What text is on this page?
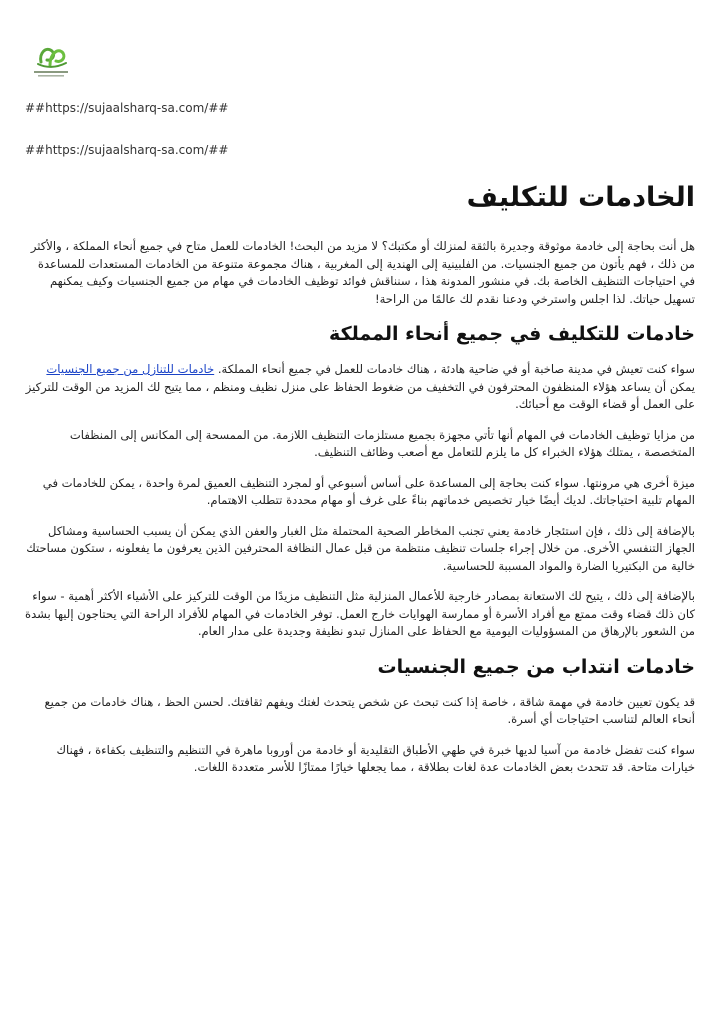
##https://sujaalsharq-sa.com/##
##https://sujaalsharq-sa.com/##
الخادمات للتكليف

هل أنت بحاجة إلى خادمة موثوقة وجديرة بالثقة لمنزلك أو مكتبك؟ لا مزيد من البحث! الخادمات للعمل متاح في جميع أنحاء المملكة ، والأكثر من ذلك ، فهم يأتون من جميع الجنسيات. من الفلبينية إلى الهندية إلى المغربية ، هناك مجموعة متنوعة من الخادمات المستعدات للمساعدة في احتياجات التنظيف الخاصة بك. في منشور المدونة هذا ، سنناقش فوائد توظيف الخادمات في مهام من جميع الجنسيات وكيف يمكنهم تسهيل حياتك. لذا اجلس واسترخي ودعنا نقدم لك عالمًا من الراحة!

خادمات للتكليف في جميع أنحاء المملكة

سواء كنت تعيش في مدينة صاخبة أو في ضاحية هادئة ، هناك خادمات للعمل في جميع أنحاء المملكة. خادمات للتنازل من جميع الجنسيات يمكن أن يساعد هؤلاء المنظفون المحترفون في التخفيف من ضغوط الحفاظ على منزل نظيف ومنظم ، مما يتيح لك المزيد من الوقت للتركيز على العمل أو قضاء الوقت مع أحبائك.

من مزايا توظيف الخادمات في المهام أنها تأتي مجهزة بجميع مستلزمات التنظيف اللازمة. من الممسحة إلى المكانس إلى المنظفات المتخصصة ، يمتلك هؤلاء الخبراء كل ما يلزم للتعامل مع أصعب وظائف التنظيف.

ميزة أخرى هي مرونتها. سواء كنت بحاجة إلى المساعدة على أساس أسبوعي أو لمجرد التنظيف العميق لمرة واحدة ، يمكن للخادمات في المهام تلبية احتياجاتك. لديك أيضًا خيار تخصيص خدماتهم بناءً على غرف أو مهام محددة تتطلب الاهتمام.

بالإضافة إلى ذلك ، فإن استئجار خادمة يعني تجنب المخاطر الصحية المحتملة مثل الغبار والعفن الذي يمكن أن يسبب الحساسية ومشاكل الجهاز التنفسي الأخرى. من خلال إجراء جلسات تنظيف منتظمة من قبل عمال النظافة المحترفين الذين يعرفون ما يفعلونه ، ستكون مساحتك خالية من البكتيريا الضارة والمواد المسببة للحساسية.

بالإضافة إلى ذلك ، يتيح لك الاستعانة بمصادر خارجية للأعمال المنزلية مثل التنظيف مزيدًا من الوقت للتركيز على الأشياء الأكثر أهمية - سواء كان ذلك قضاء وقت ممتع مع أفراد الأسرة أو ممارسة الهوايات خارج العمل. توفر الخادمات في المهام للأفراد الراحة التي يحتاجون إليها بشدة من الشعور بالإرهاق من المسؤوليات اليومية مع الحفاظ على المنازل تبدو نظيفة وجديدة على مدار العام.

خادمات انتداب من جميع الجنسيات

قد يكون تعيين خادمة في مهمة شاقة ، خاصة إذا كنت تبحث عن شخص يتحدث لغتك ويفهم ثقافتك. لحسن الحظ ، هناك خادمات من جميع أنحاء العالم لتناسب احتياجات أي أسرة.

سواء كنت تفضل خادمة من آسيا لديها خبرة في طهي الأطباق التقليدية أو خادمة من أوروبا ماهرة في التنظيم والتنظيف بكفاءة ، فهناك خيارات متاحة. قد تتحدث بعض الخادمات عدة لغات بطلاقة ، مما يجعلها خيارًا ممتازًا للأسر متعددة اللغات.
